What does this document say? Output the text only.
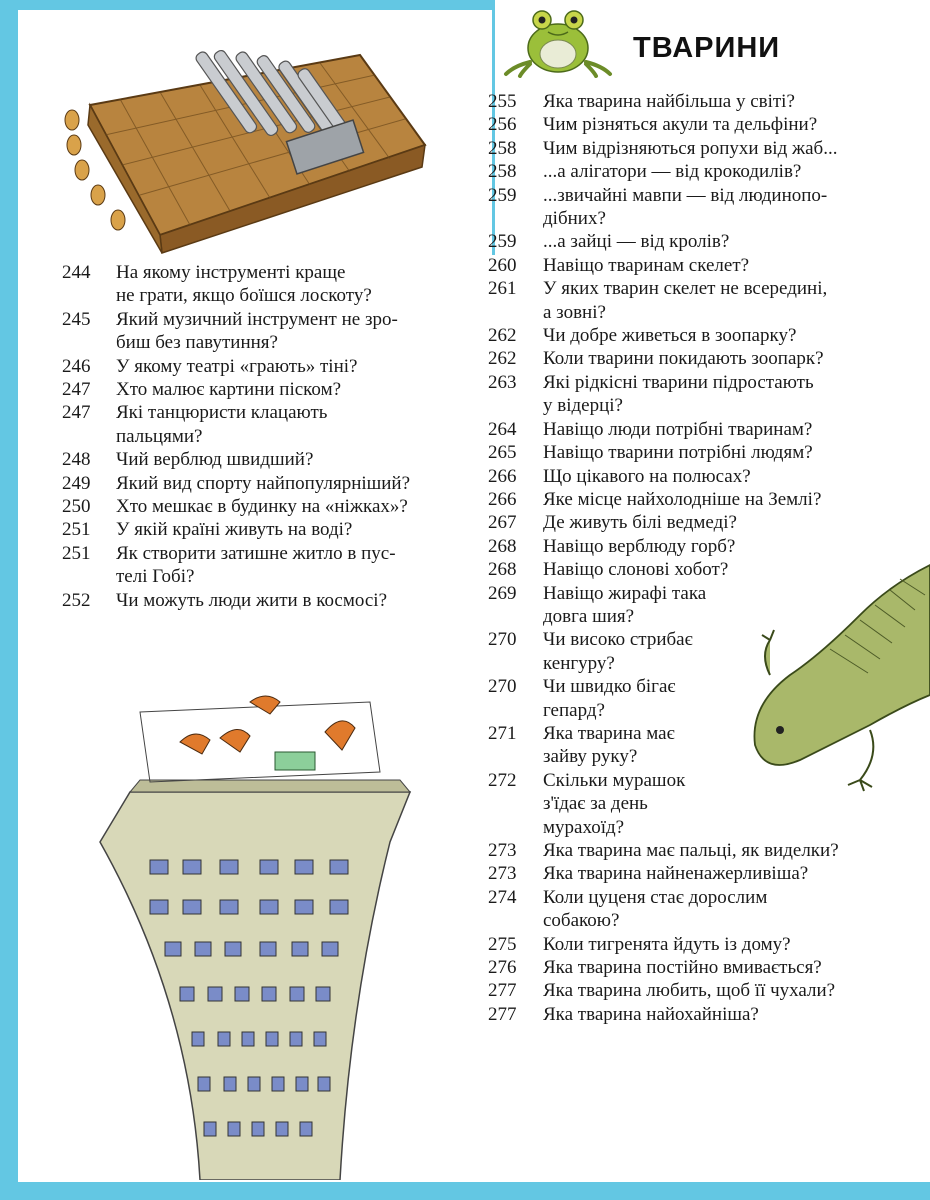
ТВАРИНИ
244	На якому інструменті краще
не грати, якщо боїшся лоскоту?
245	Який музичний інструмент не зро-
биш без павутиння?
246	У якому театрі «грають» тіні?
247	Хто малює картини піском?
247	Які танцюристи клацають
пальцями?
248	Чий верблюд швидший?
249	Який вид спорту найпопулярніший?
250	Хто мешкає в будинку на «ніжках»?
251	У якій країні живуть на воді?
251	Як створити затишне житло в пус-
телі Гобі?
252	Чи можуть люди жити в космосі?
255	Яка тварина найбільша у світі?
256	Чим різняться акули та дельфіни?
258	Чим відрізняються ропухи від жаб...
258	...а алігатори — від крокодилів?
259	...звичайні мавпи — від людинопо-
дібних?
259	...а зайці — від кролів?
260	Навіщо тваринам скелет?
261	У яких тварин скелет не всередині,
а зовні?
262	Чи добре живеться в зоопарку?
262	Коли тварини покидають зоопарк?
263	Які рідкісні тварини підростають
у відерці?
264	Навіщо люди потрібні тваринам?
265	Навіщо тварини потрібні людям?
266	Що цікавого на полюсах?
266	Яке місце найхолодніше на Землі?
267	Де живуть білі ведмеді?
268	Навіщо верблюду горб?
268	Навіщо слонові хобот?
269	Навіщо жирафі така
довга шия?
270	Чи високо стрибає
кенгуру?
270	Чи швидко бігає
гепард?
271	Яка тварина має
зайву руку?
272	Скільки мурашок
з'їдає за день
мурахоїд?
273	Яка тварина має пальці, як виделки?
273	Яка тварина найненажерливіша?
274	Коли цуценя стає дорослим
собакою?
275	Коли тигренята йдуть із дому?
276	Яка тварина постійно вмивається?
277	Яка тварина любить, щоб її чухали?
277	Яка тварина найохайніша?
